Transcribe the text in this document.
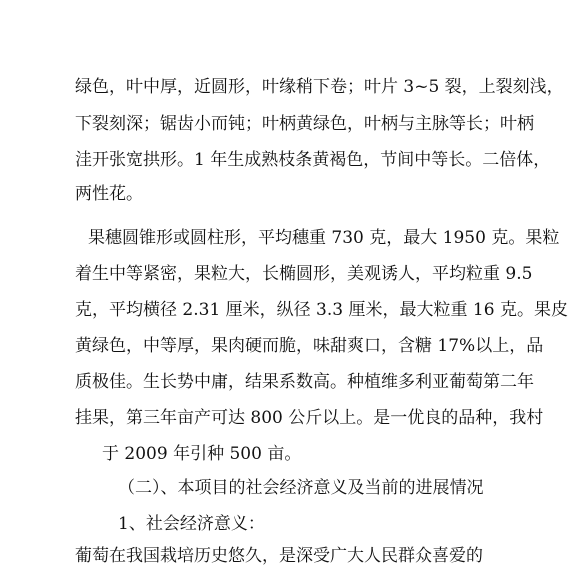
绿色，叶中厚，近圆形，叶缘稍下卷；叶片 3~5 裂，上裂刻浅，
下裂刻深；锯齿小而钝；叶柄黄绿色，叶柄与主脉等长；叶柄
洼开张宽拱形。1 年生成熟枝条黄褐色，节间中等长。二倍体，
两性花。
果穗圆锥形或圆柱形，平均穗重 730 克，最大 1950 克。果粒
着生中等紧密，果粒大，长椭圆形，美观诱人，平均粒重 9.5
克，平均横径 2.31 厘米，纵径 3.3 厘米，最大粒重 16 克。果皮
黄绿色，中等厚，果肉硬而脆，味甜爽口，含糖 17%以上，品
质极佳。生长势中庸，结果系数高。种植维多利亚葡萄第二年
挂果，第三年亩产可达 800 公斤以上。是一优良的品种，我村
于 2009 年引种 500 亩。
（二）、本项目的社会经济意义及当前的进展情况
1、社会经济意义：
葡萄在我国栽培历史悠久，是深受广大人民群众喜爱的
